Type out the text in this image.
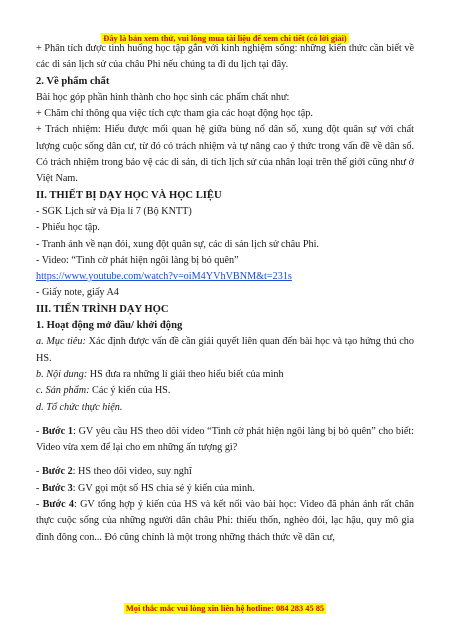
Đây là bản xem thử, vui lòng mua tài liệu để xem chi tiết (có lời giải)

+ Phân tích được tình huống học tập gắn với kinh nghiệm sống: những kiến thức cần biết về các di sản lịch sử của châu Phi nếu chúng ta đi du lịch tại đây.

2. Về phẩm chất

Bài học góp phần hình thành cho học sinh các phẩm chất như:

+ Chăm chỉ thông qua việc tích cực tham gia các hoạt động học tập.

+ Trách nhiệm: Hiểu được mối quan hệ giữa bùng nổ dân số, xung đột quân sự với chất lượng cuộc sống dân cư, từ đó có trách nhiệm và tự nâng cao ý thức trong vấn đề về dân số. Có trách nhiệm trong bảo vệ các di sản, di tích lịch sử của nhân loại trên thế giới cũng như ở Việt Nam.

II. THIẾT BỊ DẠY HỌC VÀ HỌC LIỆU

- SGK Lịch sử và Địa lí 7 (Bộ KNTT)

- Phiếu học tập.

- Tranh ảnh về nạn đói, xung đột quân sự, các di sản lịch sử châu Phi.

- Video: “Tình cờ phát hiện ngôi làng bị bỏ quên”

https://www.youtube.com/watch?v=oiM4YVhVBNM&t=231s

- Giấy note, giấy A4

III. TIẾN TRÌNH DẠY HỌC

1. Hoạt động mở đầu/ khởi động

a. Mục tiêu: Xác định được vấn đề cần giải quyết liên quan đến bài học và tạo hứng thú cho HS.

b. Nội dung: HS đưa ra những lí giải theo hiểu biết của mình

c. Sản phẩm: Các ý kiến của HS.

d. Tổ chức thực hiện.

- Bước 1: GV yêu cầu HS theo dõi video “Tình cờ phát hiện ngôi làng bị bỏ quên” cho biết: Video vừa xem để lại cho em những ấn tượng gì?

- Bước 2: HS theo dõi video, suy nghĩ

- Bước 3: GV gọi một số HS chia sẻ ý kiến của mình.

- Bước 4: GV tổng hợp ý kiến của HS và kết nối vào bài học: Video đã phản ánh rất chân thực cuộc sống của những người dân châu Phi: thiếu thốn, nghèo đói, lạc hậu, quy mô gia đình đông con... Đó cũng chính là một trong những thách thức về dân cư,

Mọi thắc mắc vui lòng xin liên hệ hotline: 084 283 45 85
